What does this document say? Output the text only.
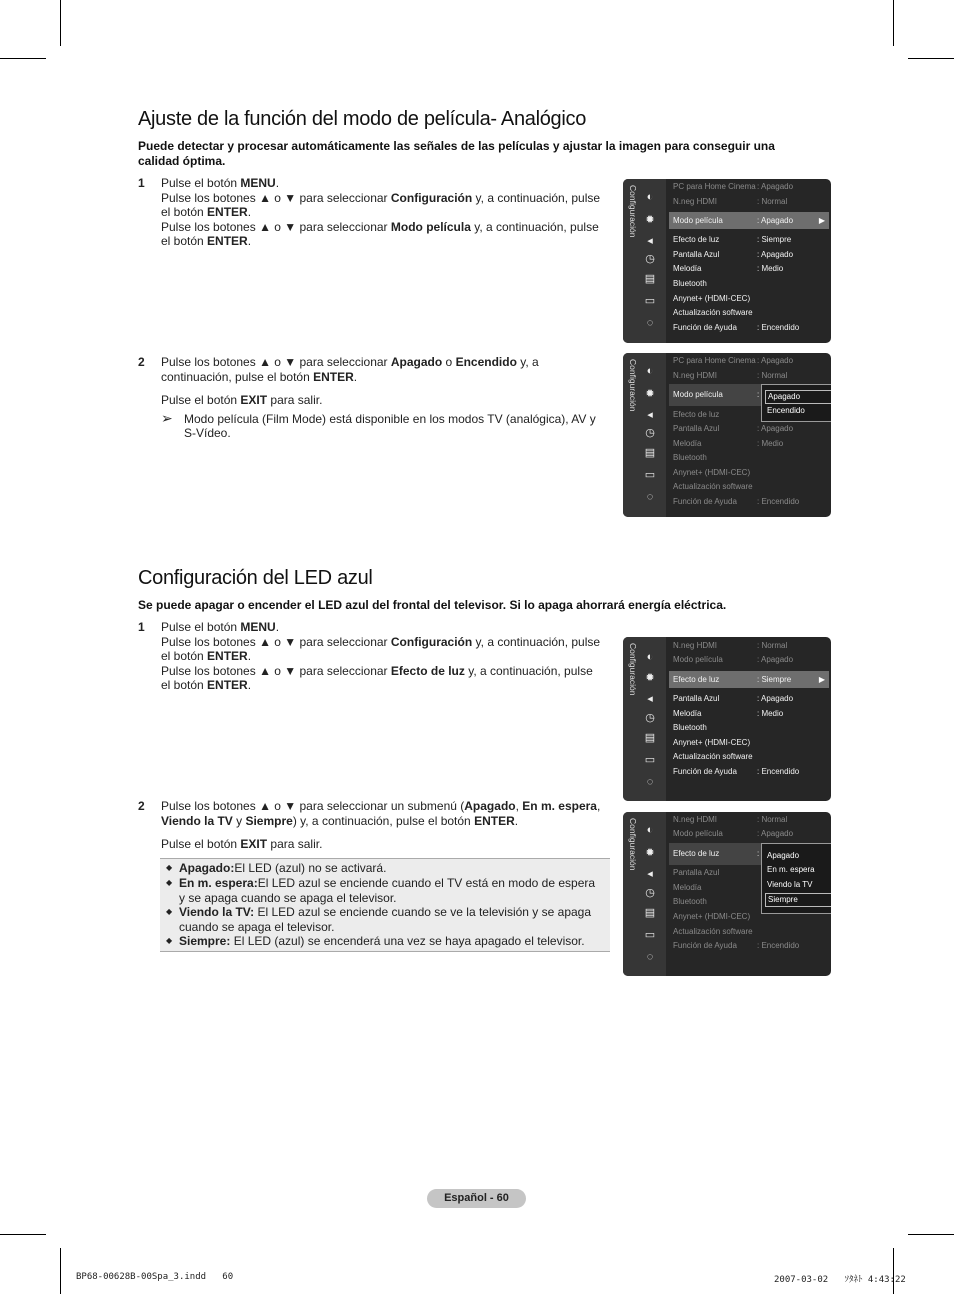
Ajuste de la función del modo de película- Analógico

Puede detectar y procesar automáticamente las señales de las películas y ajustar la imagen para conseguir una calidad óptima.

1 Pulse el botón MENU.

Pulse los botones ▲ o ▼ para seleccionar Configuración y, a continuación, pulse el botón ENTER.

Pulse los botones ▲ o ▼ para seleccionar Modo película y, a continuación, pulse el botón ENTER.

2 Pulse los botones ▲ o ▼ para seleccionar Apagado o Encendido y, a continuación, pulse el botón ENTER.

Pulse el botón EXIT para salir.

➢ Modo película (Film Mode) está disponible en los modos TV (analógica), AV y S-Vídeo.

Configuración ◐
✹
◂
◷
▤
▭
◌
▶
PC para Home Cinema : Apagado
N.neg HDMI	: Normal
Modo película	: Apagado
Efecto de luz	: Siempre
Pantalla Azul	: Apagado
Melodía	: Medio
Bluetooth
Anynet+ (HDMI-CEC)
Actualización software
Función de Ayuda	: Encendido
Configuración ◐
✹
◂
◷
▤
▭
◌
PC para Home Cinema : Apagado
N.neg HDMI	: Normal
Modo película	:
Efecto de luz
Pantalla Azul	: Apagado
Melodía	: Medio
Bluetooth
Anynet+ (HDMI-CEC)
Actualización software
Función de Ayuda	: Encendido
Apagado
Encendido
Configuración del LED azul

Se puede apagar o encender el LED azul del frontal del televisor. Si lo apaga ahorrará energía eléctrica.

1 Pulse el botón MENU.

Pulse los botones ▲ o ▼ para seleccionar Configuración y, a continuación, pulse el botón ENTER.

Pulse los botones ▲ o ▼ para seleccionar Efecto de luz y, a continuación, pulse el botón ENTER.

2 Pulse los botones ▲ o ▼ para seleccionar un submenú (Apagado, En m. espera, Viendo la TV y Siempre) y, a continuación, pulse el botón ENTER.

Pulse el botón EXIT para salir.

◆ Apagado:El LED (azul) no se activará.
◆ En m. espera:El LED azul se enciende cuando el TV está en modo de espera y se apaga cuando se apaga el televisor.
◆ Viendo la TV: El LED azul se enciende cuando se ve la televisión y se apaga cuando se apaga el televisor.
◆ Siempre: El LED (azul) se encenderá una vez se haya apagado el televisor.
Configuración ◐
✹
◂
◷
▤
▭
◌
▶
N.neg HDMI	: Normal
Modo película	: Apagado
Efecto de luz	: Siempre
Pantalla Azul	: Apagado
Melodía	: Medio
Bluetooth
Anynet+ (HDMI-CEC)
Actualización software
Función de Ayuda	: Encendido
Configuración ◐
✹
◂
◷
▤
▭
◌
N.neg HDMI	: Normal
Modo película	: Apagado
Efecto de luz	:
Pantalla Azul
Melodía
Bluetooth
Anynet+ (HDMI-CEC)
Actualización software
Función de Ayuda	: Encendido
Apagado
En m. espera
Viendo la TV
Siempre
Español - 60
BP68-00628B-00Spa_3.indd   60	2007-03-02   ｿﾀﾈﾄ 4:43:22
